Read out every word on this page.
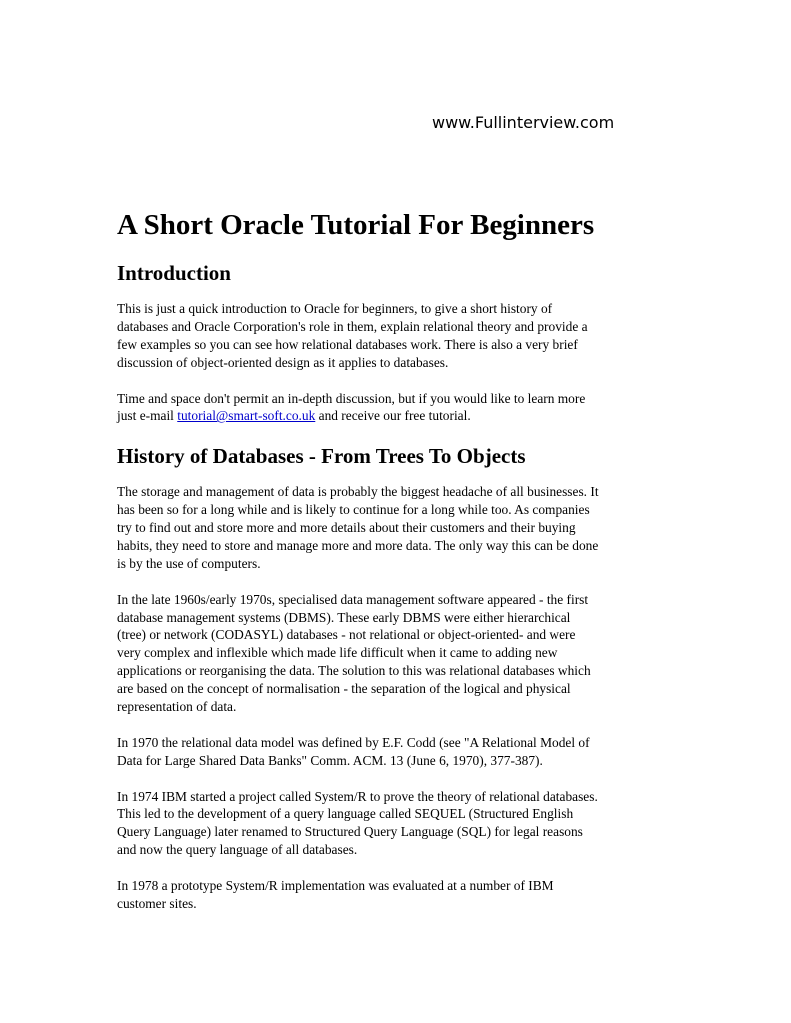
www.Fullinterview.com
A Short Oracle Tutorial For Beginners
Introduction

This is just a quick introduction to Oracle for beginners, to give a short history of
databases and Oracle Corporation's role in them, explain relational theory and provide a
few examples so you can see how relational databases work. There is also a very brief
discussion of object-oriented design as it applies to databases.

Time and space don't permit an in-depth discussion, but if you would like to learn more
just e-mail tutorial@smart-soft.co.uk and receive our free tutorial.

History of Databases - From Trees To Objects

The storage and management of data is probably the biggest headache of all businesses. It
has been so for a long while and is likely to continue for a long while too. As companies
try to find out and store more and more details about their customers and their buying
habits, they need to store and manage more and more data. The only way this can be done
is by the use of computers.

In the late 1960s/early 1970s, specialised data management software appeared - the first
database management systems (DBMS). These early DBMS were either hierarchical
(tree) or network (CODASYL) databases - not relational or object-oriented- and were
very complex and inflexible which made life difficult when it came to adding new
applications or reorganising the data. The solution to this was relational databases which
are based on the concept of normalisation - the separation of the logical and physical
representation of data.

In 1970 the relational data model was defined by E.F. Codd (see "A Relational Model of
Data for Large Shared Data Banks" Comm. ACM. 13 (June 6, 1970), 377-387).

In 1974 IBM started a project called System/R to prove the theory of relational databases.
This led to the development of a query language called SEQUEL (Structured English
Query Language) later renamed to Structured Query Language (SQL) for legal reasons
and now the query language of all databases.

In 1978 a prototype System/R implementation was evaluated at a number of IBM
customer sites.
